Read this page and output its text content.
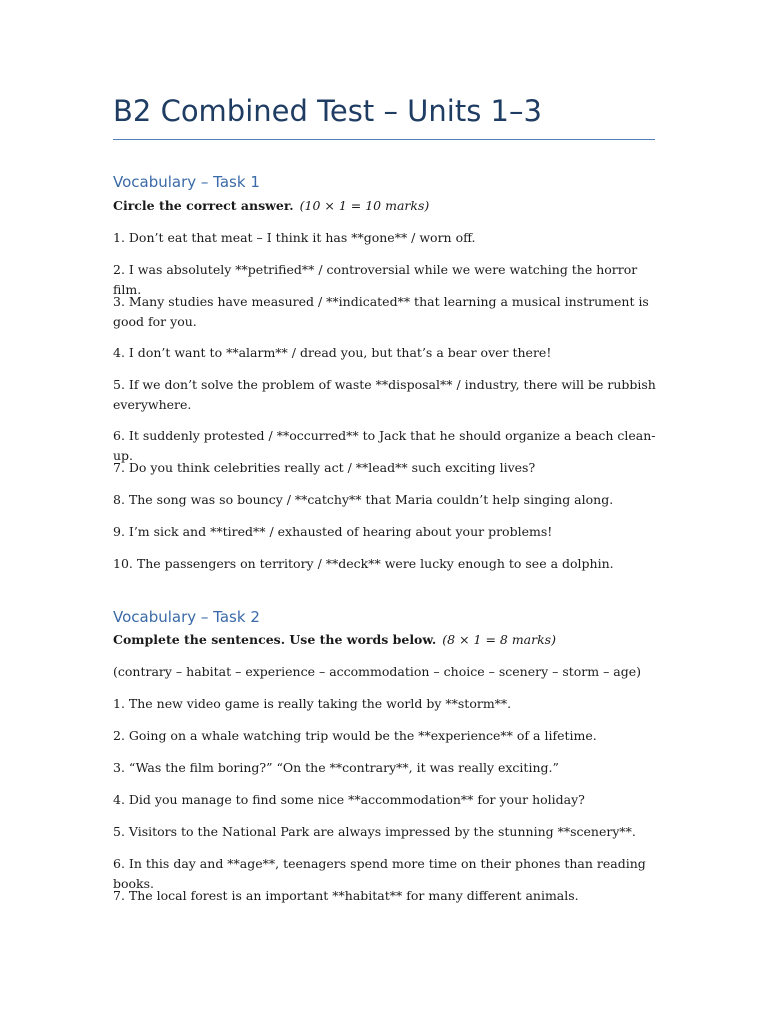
B2 Combined Test – Units 1–3
Vocabulary – Task 1
Circle the correct answer. (10 × 1 = 10 marks)
1. Don’t eat that meat – I think it has **gone** / worn off.
2. I was absolutely **petrified** / controversial while we were watching the horror film.
3. Many studies have measured / **indicated** that learning a musical instrument is good for you.
4. I don’t want to **alarm** / dread you, but that’s a bear over there!
5. If we don’t solve the problem of waste **disposal** / industry, there will be rubbish everywhere.
6. It suddenly protested / **occurred** to Jack that he should organize a beach clean-up.
7. Do you think celebrities really act / **lead** such exciting lives?
8. The song was so bouncy / **catchy** that Maria couldn’t help singing along.
9. I’m sick and **tired** / exhausted of hearing about your problems!
10. The passengers on territory / **deck** were lucky enough to see a dolphin.
Vocabulary – Task 2
Complete the sentences. Use the words below. (8 × 1 = 8 marks)
(contrary – habitat – experience – accommodation – choice – scenery – storm – age)
1. The new video game is really taking the world by **storm**.
2. Going on a whale watching trip would be the **experience** of a lifetime.
3. “Was the film boring?” “On the **contrary**, it was really exciting.”
4. Did you manage to find some nice **accommodation** for your holiday?
5. Visitors to the National Park are always impressed by the stunning **scenery**.
6. In this day and **age**, teenagers spend more time on their phones than reading books.
7. The local forest is an important **habitat** for many different animals.
